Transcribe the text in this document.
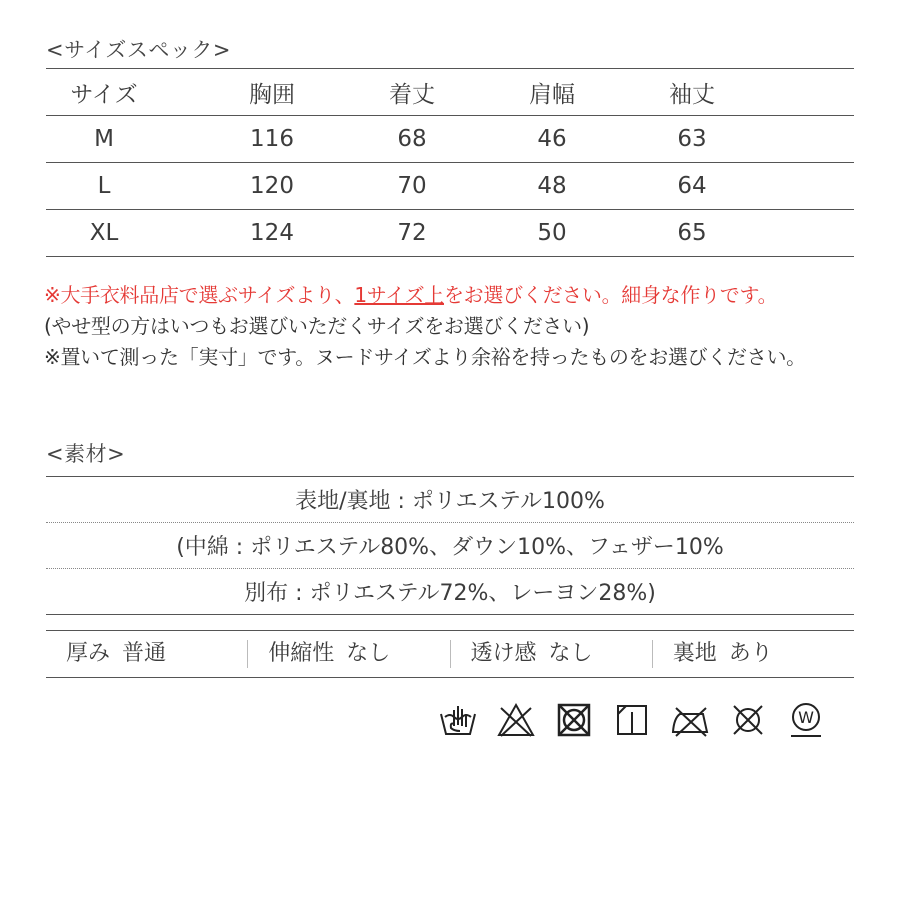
<サイズスペック>
サイズ	胸囲	着丈	肩幅	袖丈
M	116	68	46	63
L	120	70	48	64
XL	124	72	50	65
※大手衣料品店で選ぶサイズより、1サイズ上をお選びください。細身な作りです。
(やせ型の方はいつもお選びいただくサイズをお選びください)
※置いて測った「実寸」です。ヌードサイズより余裕を持ったものをお選びください。
<素材>
表地/裏地 : ポリエステル100%
(中綿 : ポリエステル80%、ダウン10%、フェザー10%
別布 : ポリエステル72%、レーヨン28%)
厚み 普通	伸縮性 なし	透け感 なし	裏地 あり
W
